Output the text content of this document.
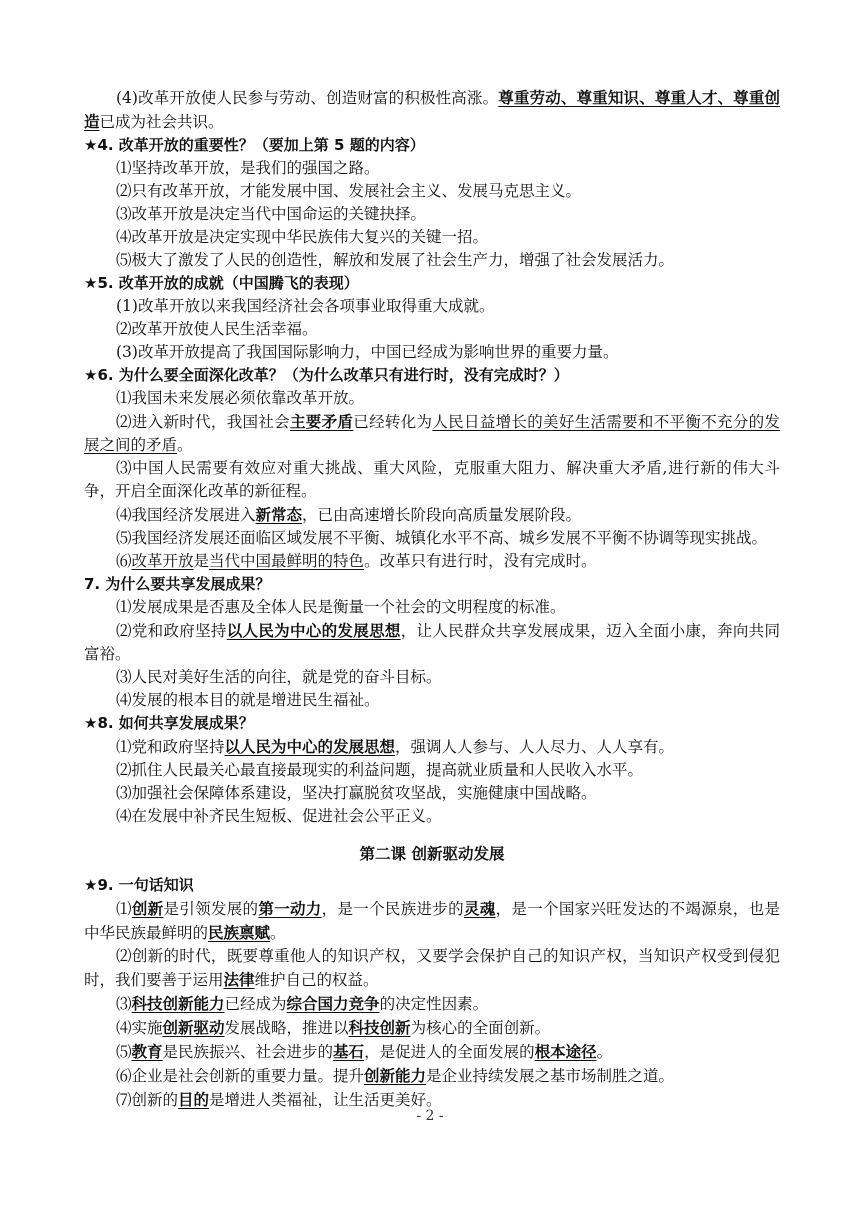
(4)改革开放使人民参与劳动、创造财富的积极性高涨。尊重劳动、尊重知识、尊重人才、尊重创造已成为社会共识。

★4. 改革开放的重要性？（要加上第 5 题的内容）

⑴坚持改革开放，是我们的强国之路。

⑵只有改革开放，才能发展中国、发展社会主义、发展马克思主义。

⑶改革开放是决定当代中国命运的关键抉择。

⑷改革开放是决定实现中华民族伟大复兴的关键一招。

⑸极大了激发了人民的创造性，解放和发展了社会生产力，增强了社会发展活力。

★5. 改革开放的成就（中国腾飞的表现）

(1)改革开放以来我国经济社会各项事业取得重大成就。

⑵改革开放使人民生活幸福。

(3)改革开放提高了我国国际影响力，中国已经成为影响世界的重要力量。

★6. 为什么要全面深化改革？（为什么改革只有进行时，没有完成时？）

⑴我国未来发展必须依靠改革开放。

⑵进入新时代，我国社会主要矛盾已经转化为人民日益增长的美好生活需要和不平衡不充分的发展之间的矛盾。

⑶中国人民需要有效应对重大挑战、重大风险，克服重大阻力、解决重大矛盾,进行新的伟大斗争，开启全面深化改革的新征程。

⑷我国经济发展进入新常态，已由高速增长阶段向高质量发展阶段。

⑸我国经济发展还面临区域发展不平衡、城镇化水平不高、城乡发展不平衡不协调等现实挑战。

⑹改革开放是当代中国最鲜明的特色。改革只有进行时，没有完成时。

7. 为什么要共享发展成果？

⑴发展成果是否惠及全体人民是衡量一个社会的文明程度的标准。

⑵党和政府坚持以人民为中心的发展思想，让人民群众共享发展成果，迈入全面小康，奔向共同富裕。

⑶人民对美好生活的向往，就是党的奋斗目标。

⑷发展的根本目的就是增进民生福祉。

★8. 如何共享发展成果？

⑴党和政府坚持以人民为中心的发展思想，强调人人参与、人人尽力、人人享有。

⑵抓住人民最关心最直接最现实的利益问题，提高就业质量和人民收入水平。

⑶加强社会保障体系建设，坚决打赢脱贫攻坚战，实施健康中国战略。

⑷在发展中补齐民生短板、促进社会公平正义。

第二课 创新驱动发展

★9. 一句话知识

⑴创新是引领发展的第一动力，是一个民族进步的灵魂，是一个国家兴旺发达的不竭源泉，也是中华民族最鲜明的民族禀赋。

⑵创新的时代，既要尊重他人的知识产权，又要学会保护自己的知识产权，当知识产权受到侵犯时，我们要善于运用法律维护自己的权益。

⑶科技创新能力已经成为综合国力竞争的决定性因素。

⑷实施创新驱动发展战略，推进以科技创新为核心的全面创新。

⑸教育是民族振兴、社会进步的基石，是促进人的全面发展的根本途径。

⑹企业是社会创新的重要力量。提升创新能力是企业持续发展之基市场制胜之道。

⑺创新的目的是增进人类福祉，让生活更美好。

- 2 -
